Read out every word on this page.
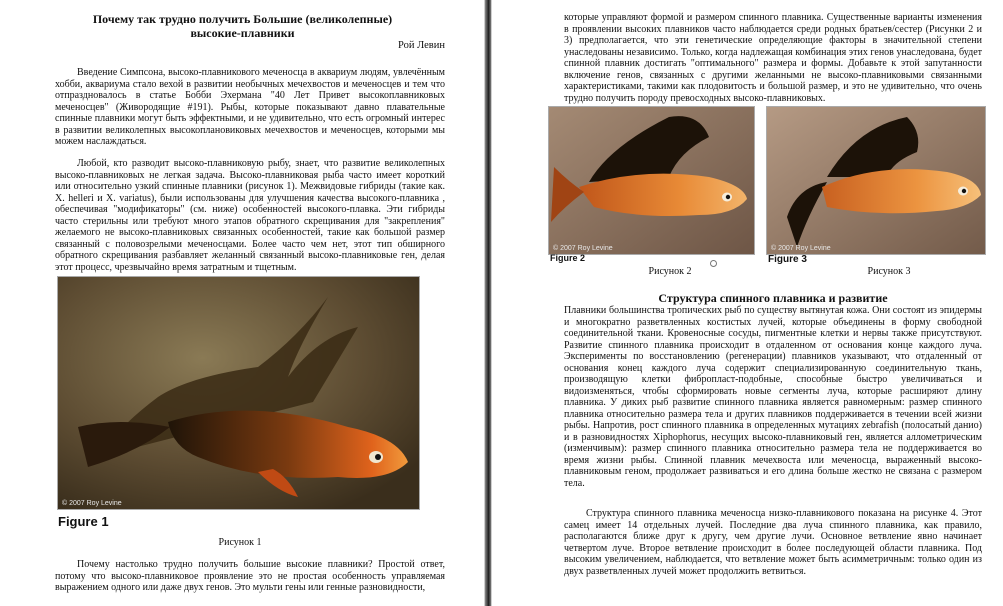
Почему так трудно получить Большие (великолепные)
высокие-плавники
Рой Левин

Введение Симпсона, высоко-плавникового меченосца в аквариум людям, увлечённым хобби, аквариума стало вехой в развитии необычных мечехвостов и меченосцев и тем что отпраздновалось в статье Бобби Эхермана "40 Лет Привет высокоплавниковых меченосцев" (Живородящие #191). Рыбы, которые показывают давно плавательные спинные плавники могут быть эффектными, и не удивительно, что есть огромный интерес в развитии великолепных высокоплановиковых мечехвостов и меченосцев, которыми мы можем наслаждаться.

Любой, кто разводит высоко-плавниковую рыбу, знает, что развитие великолепных высоко-плавниковых не легкая задача. Высоко-плавниковая рыба часто имеет короткий или относительно узкий спинные плавники (рисунок 1). Межвидовые гибриды (такие как. X. helleri и X. variatus), были использованы для улучшения качества высокого-плавника , обеспечивая "модификаторы" (см. ниже) особенностей высокого-плавка. Эти гибриды часто стерильны или требуют много этапов обратного скрещивания для "закрепления" желаемого не высоко-плавниковых связанных особенностей, такие как большой размер связанный с половозрелыми меченосцами. Более часто чем нет, этот тип обширного обратного скрещивания разбавляет желанный связанный высоко-плавниковые ген, делая этот процесс, чрезвычайно время затратным и тщетным.

© 2007 Roy Levine
Figure 1
Рисунок 1

Почему настолько трудно получить большие высокие плавники? Простой ответ, потому что высоко-плавниковое проявление это не простая особенность управляемая выражением одного или даже двух генов. Это мульти гены или генные разновидности,

которые управляют формой и размером спинного плавника. Существенные варианты изменения в проявлении высоких плавников часто наблюдается среди родных братьев/сестер (Рисунки 2 и 3) предполагается, что эти генетические определяющие факторы в значительной степени унаследованы независимо. Только, когда надлежащая комбинация этих генов унаследована, будет спинной плавник достигать "оптимального" размера и формы. Добавьте к этой запутанности включение генов, связанных с другими желанными не высоко-плавниковыми связанными характеристиками, такими как плодовитость и большой размер, и это не удивительно, что очень трудно получить породу превосходных высоко-плавниковых.

© 2007 Roy Levine	© 2007 Roy Levine
Figure 2	Figure 3
Рисунок 2	Рисунок 3
Структура спинного плавника и развитие

Плавники большинства тропических рыб по существу вытянутая кожа. Они состоят из эпидермы и многократно разветвленных костистых лучей, которые объединены в форму свободной соединительной ткани. Кровеносные сосуды, пигментные клетки и нервы также присутствуют. Развитие спинного плавника происходит в отдаленном от основания конце каждого луча. Эксперименты по восстановлению (регенерации) плавников указывают, что отдаленный от основания конец каждого луча содержит специализированную соединительную ткань, производящую клетки фибропласт-подобные, способные быстро увеличиваться и видоизменяться, чтобы сформировать новые сегменты луча, которые расширяют длину плавника. У диких рыб развитие спинного плавника является равномерным: размер спинного плавника относительно размера тела и других плавников поддерживается в течении всей жизни рыбы. Напротив, рост спинного плавника в определенных мутациях zebrafish (полосатый данио) и в разновидностях Xiphophorus, несущих высоко-плавниковый ген, является аллометрическим (изменчивым): размер спинного плавника относительно размера тела не поддерживается во время жизни рыбы. Спинной плавник мечехвоста или меченосца, выраженный высоко-плавниковым геном, продолжает развиваться и его длина больше жестко не связана с размером тела.

Структура спинного плавника меченосца низко-плавникового показана на рисунке 4. Этот самец имеет 14 отдельных лучей. Последние два луча спинного плавника, как правило, располагаются ближе друг к другу, чем другие лучи. Основное ветвление явно начинает четвертом луче. Второе ветвление происходит в более последующей области плавника. Под высоким увеличением, наблюдается, что ветвление может быть асимметричным: только один из двух разветвленных лучей может продолжить ветвиться.
